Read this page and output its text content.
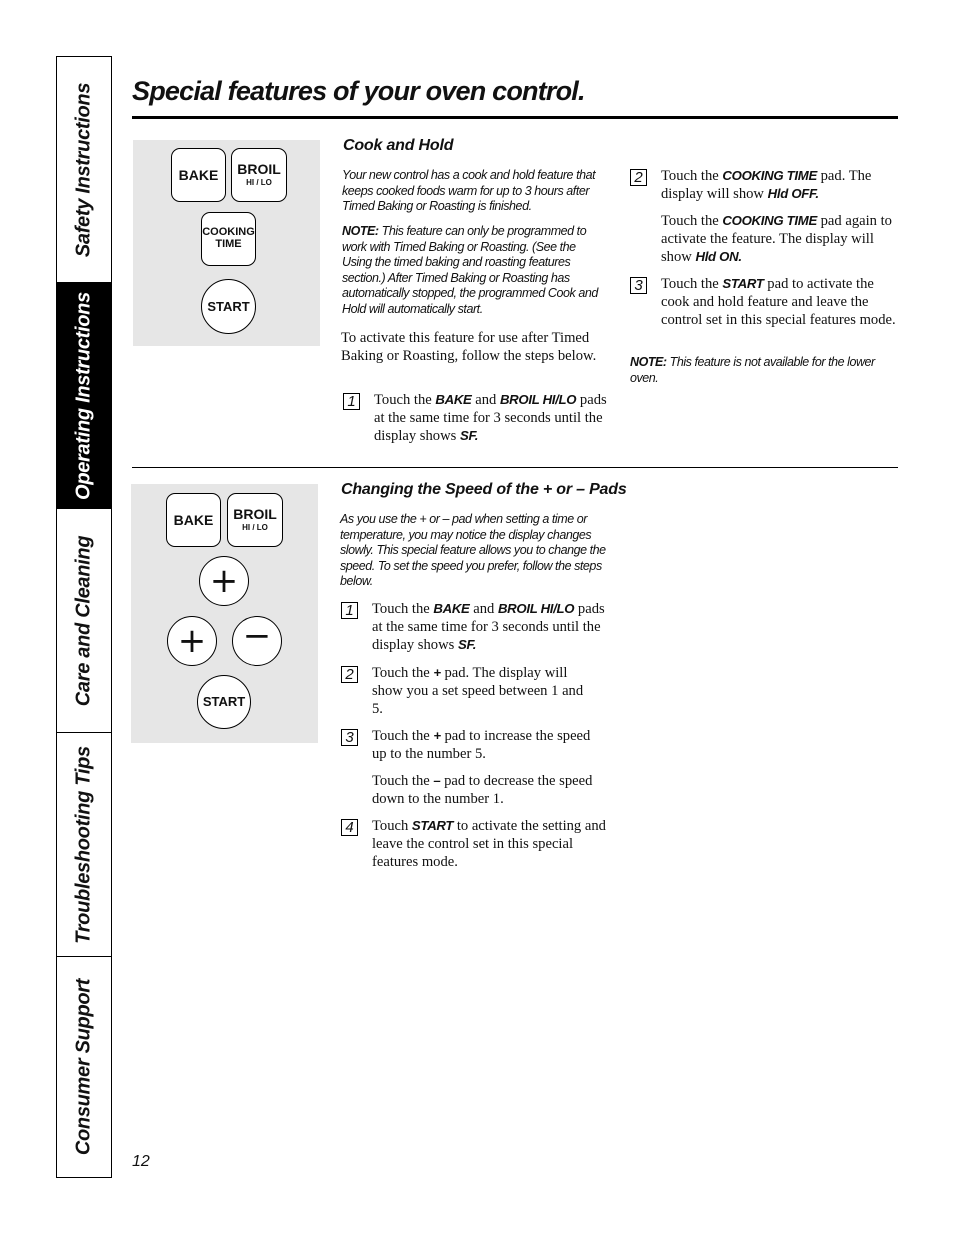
Safety Instructions
Operating Instructions
Care and Cleaning
Troubleshooting Tips
Consumer Support
Special features of your oven control.
BAKE BROIL
HI / LO
COOKING
TIME
START
Cook and Hold

Your new control has a cook and hold feature that keeps cooked foods warm for up to 3 hours after Timed Baking or Roasting is finished.

NOTE: This feature can only be programmed to work with Timed Baking or Roasting. (See the Using the timed baking and roasting features section.) After Timed Baking or Roasting has automatically stopped, the programmed Cook and Hold will automatically start.

To activate this feature for use after Timed Baking or Roasting, follow the steps below.

1 Touch the BAKE and BROIL HI/LO pads at the same time for 3 seconds until the display shows SF.
2 Touch the COOKING TIME pad. The display will show Hld OFF.
Touch the COOKING TIME pad again to activate the feature. The display will show Hld ON.
3 Touch the START pad to activate the cook and hold feature and leave the control set in this special features mode.

NOTE: This feature is not available for the lower oven.

BAKE BROIL
HI / LO
+
+ −
START
Changing the Speed of the + or – Pads

As you use the + or – pad when setting a time or temperature, you may notice the display changes slowly. This special feature allows you to change the speed. To set the speed you prefer, follow the steps below.

1 Touch the BAKE and BROIL HI/LO pads at the same time for 3 seconds until the display shows SF.
2 Touch the + pad. The display will show you a set speed between 1 and 5.
3 Touch the + pad to increase the speed up to the number 5.
Touch the – pad to decrease the speed down to the number 1.
4 Touch START to activate the setting and leave the control set in this special features mode.
12
